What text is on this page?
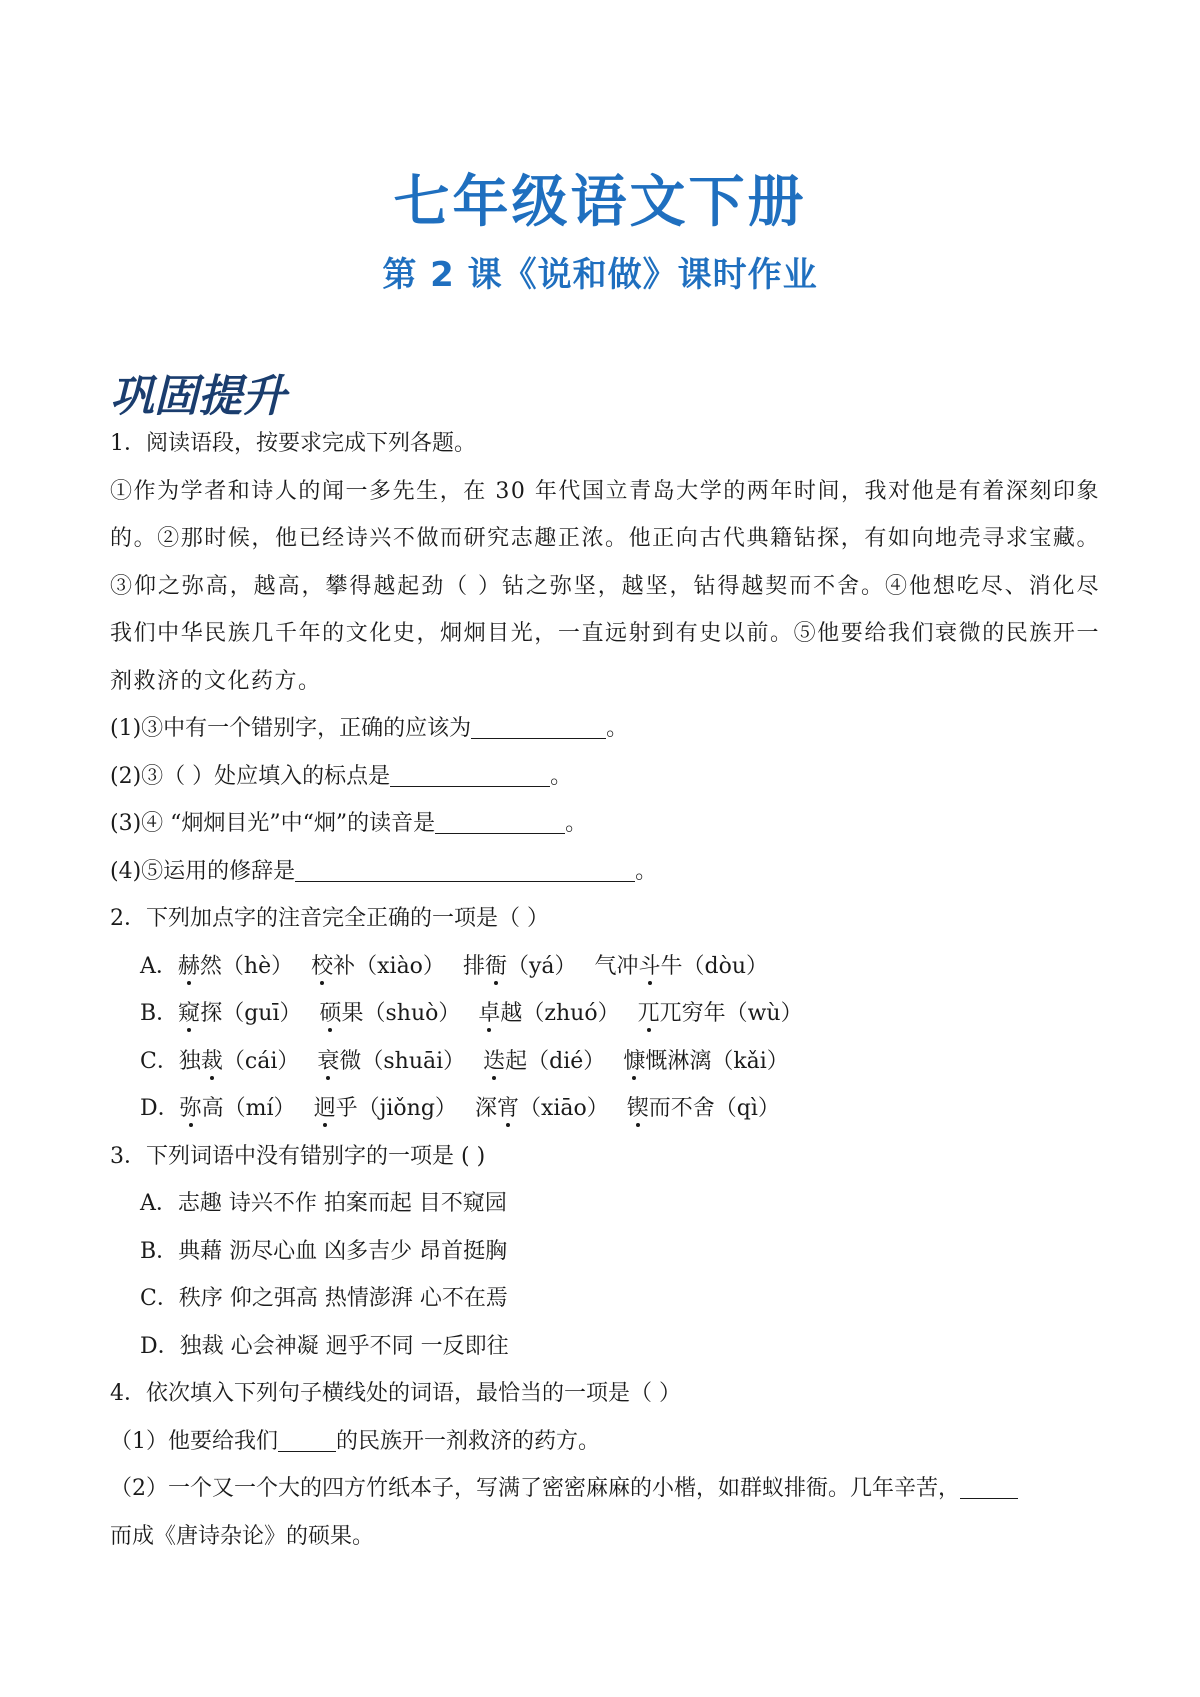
七年级语文下册
第 2 课《说和做》课时作业
巩固提升
1．阅读语段，按要求完成下列各题。
①作为学者和诗人的闻一多先生，在 30 年代国立青岛大学的两年时间，我对他是有着深刻印象的。②那时候，他已经诗兴不做而研究志趣正浓。他正向古代典籍钻探，有如向地壳寻求宝藏。③仰之弥高，越高，攀得越起劲（ ）钻之弥坚，越坚，钻得越契而不舍。④他想吃尽、消化尽我们中华民族几千年的文化史，炯炯目光，一直远射到有史以前。⑤他要给我们衰微的民族开一剂救济的文化药方。
(1)③中有一个错别字，正确的应该为	。
(2)③（ ）处应填入的标点是	。
(3)④ “炯炯目光”中“炯”的读音是	。
(4)⑤运用的修辞是	。
2．下列加点字的注音完全正确的一项是（ ）
A．赫然（hè） 校补（xiào） 排衙（yá） 气冲斗牛（dòu）
B．窥探（guī） 硕果（shuò） 卓越（zhuó） 兀兀穷年（wù）
C．独裁（cái） 衰微（shuāi） 迭起（dié） 慷慨淋漓（kǎi）
D．弥高（mí） 迥乎（jiǒng） 深宵（xiāo） 锲而不舍（qì）
3．下列词语中没有错别字的一项是 ( )
A．志趣 诗兴不作 拍案而起 目不窥园
B．典藉 沥尽心血 凶多吉少 昂首挺胸
C．秩序 仰之弭高 热情澎湃 心不在焉
D．独裁 心会神凝 迥乎不同 一反即往
4．依次填入下列句子横线处的词语，最恰当的一项是（ ）
（1）他要给我们	的民族开一剂救济的药方。
（2）一个又一个大的四方竹纸本子，写满了密密麻麻的小楷，如群蚁排衙。几年辛苦，
而成《唐诗杂论》的硕果。
